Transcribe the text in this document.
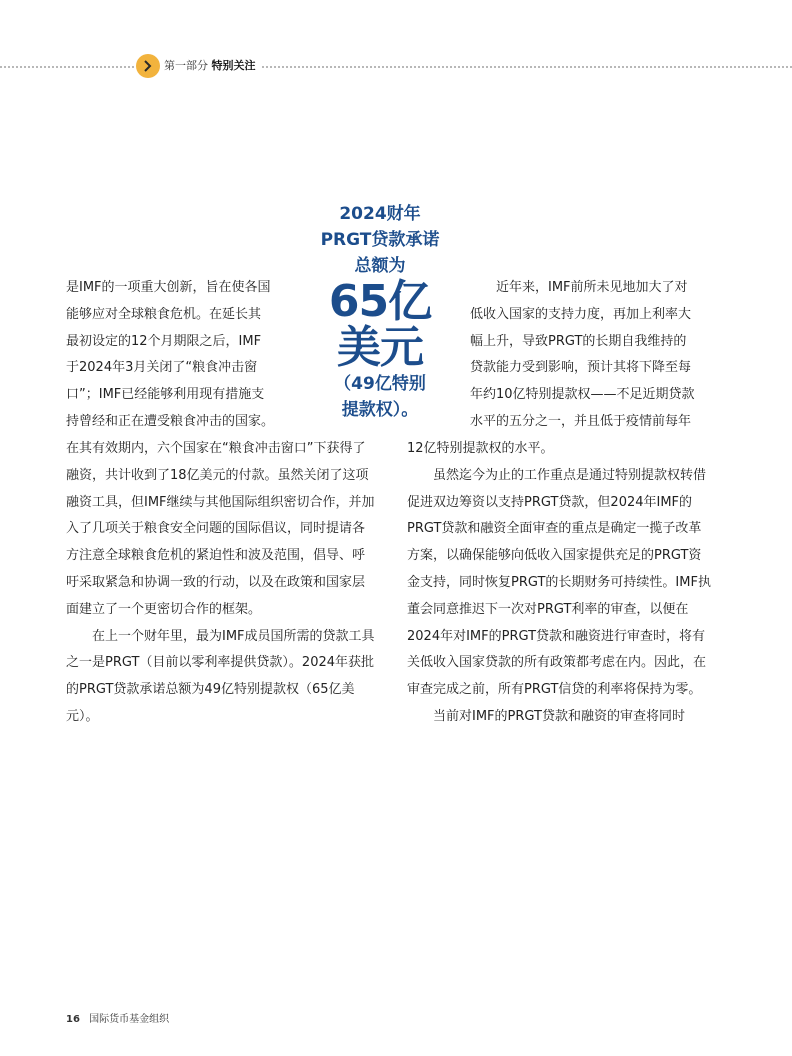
第一部分 特别关注
是IMF的一项重大创新，旨在使各国
能够应对全球粮食危机。在延长其
最初设定的12个月期限之后，IMF
于2024年3月关闭了“粮食冲击窗
口”；IMF已经能够利用现有措施支
持曾经和正在遭受粮食冲击的国家。
2024财年
PRGT贷款承诺
总额为
65亿
美元
（49亿特别
提款权）。
近年来，IMF前所未见地加大了对
低收入国家的支持力度，再加上利率大
幅上升，导致PRGT的长期自我维持的
贷款能力受到影响，预计其将下降至每
年约10亿特别提款权——不足近期贷款
水平的五分之一，并且低于疫情前每年

在其有效期内，六个国家在“粮食冲击窗口”下获得了融资，共计收到了18亿美元的付款。虽然关闭了这项融资工具，但IMF继续与其他国际组织密切合作，并加入了几项关于粮食安全问题的国际倡议，同时提请各方注意全球粮食危机的紧迫性和波及范围，倡导、呼吁采取紧急和协调一致的行动，以及在政策和国家层面建立了一个更密切合作的框架。

在上一个财年里，最为IMF成员国所需的贷款工具之一是PRGT（目前以零利率提供贷款）。2024年获批的PRGT贷款承诺总额为49亿特别提款权（65亿美元）。

12亿特别提款权的水平。

虽然迄今为止的工作重点是通过特别提款权转借促进双边筹资以支持PRGT贷款，但2024年IMF的PRGT贷款和融资全面审查的重点是确定一揽子改革方案，以确保能够向低收入国家提供充足的PRGT资金支持，同时恢复PRGT的长期财务可持续性。IMF执董会同意推迟下一次对PRGT利率的审查，以便在2024年对IMF的PRGT贷款和融资进行审查时，将有关低收入国家贷款的所有政策都考虑在内。因此，在审查完成之前，所有PRGT信贷的利率将保持为零。

当前对IMF的PRGT贷款和融资的审查将同时

16 国际货币基金组织
